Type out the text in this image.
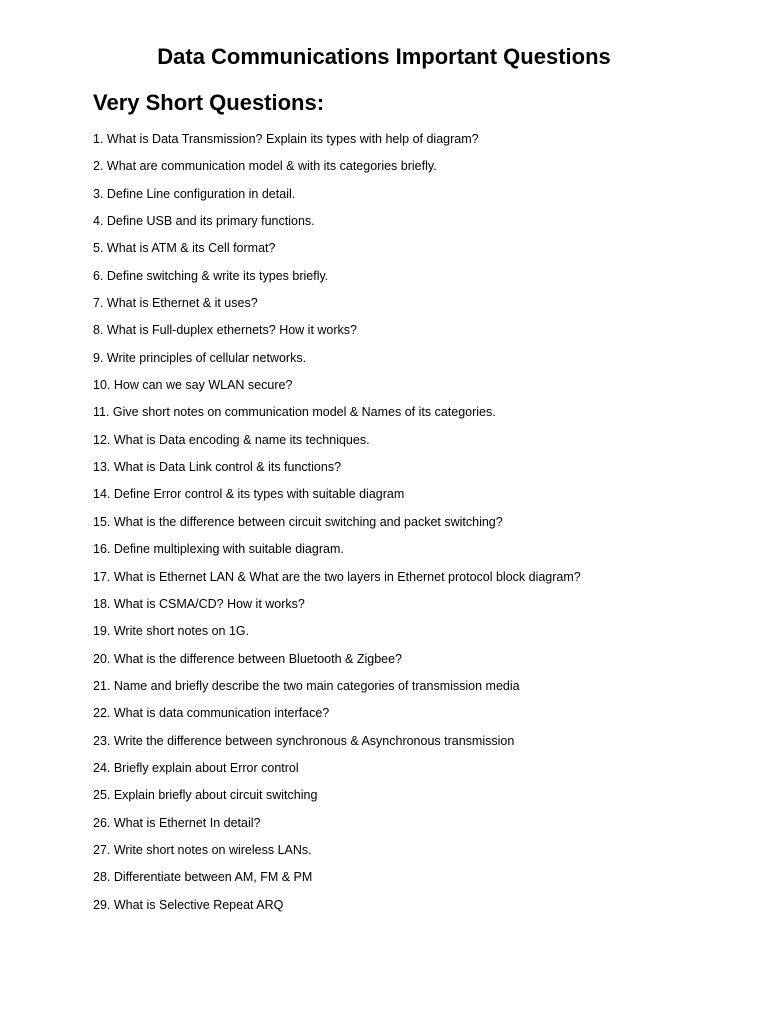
Data Communications Important Questions
Very Short Questions:
1. What is Data Transmission? Explain its types with help of diagram?
2. What are communication model & with its categories briefly.
3. Define Line configuration in detail.
4. Define USB and its primary functions.
5. What is ATM & its Cell format?
6. Define switching & write its types briefly.
7. What is Ethernet & it uses?
8. What is Full-duplex ethernets? How it works?
9. Write principles of cellular networks.
10. How can we say WLAN secure?
11. Give short notes on communication model & Names of its categories.
12. What is Data encoding & name its techniques.
13. What is Data Link control & its functions?
14. Define Error control & its types with suitable diagram
15. What is the difference between circuit switching and packet switching?
16. Define multiplexing with suitable diagram.
17. What is Ethernet LAN & What are the two layers in Ethernet protocol block diagram?
18. What is CSMA/CD? How it works?
19. Write short notes on 1G.
20. What is the difference between Bluetooth & Zigbee?
21. Name and briefly describe the two main categories of transmission media
22. What is data communication interface?
23. Write the difference between synchronous & Asynchronous transmission
24. Briefly explain about Error control
25. Explain briefly about circuit switching
26. What is Ethernet In detail?
27. Write short notes on wireless LANs.
28. Differentiate between AM, FM & PM
29. What is Selective Repeat ARQ
